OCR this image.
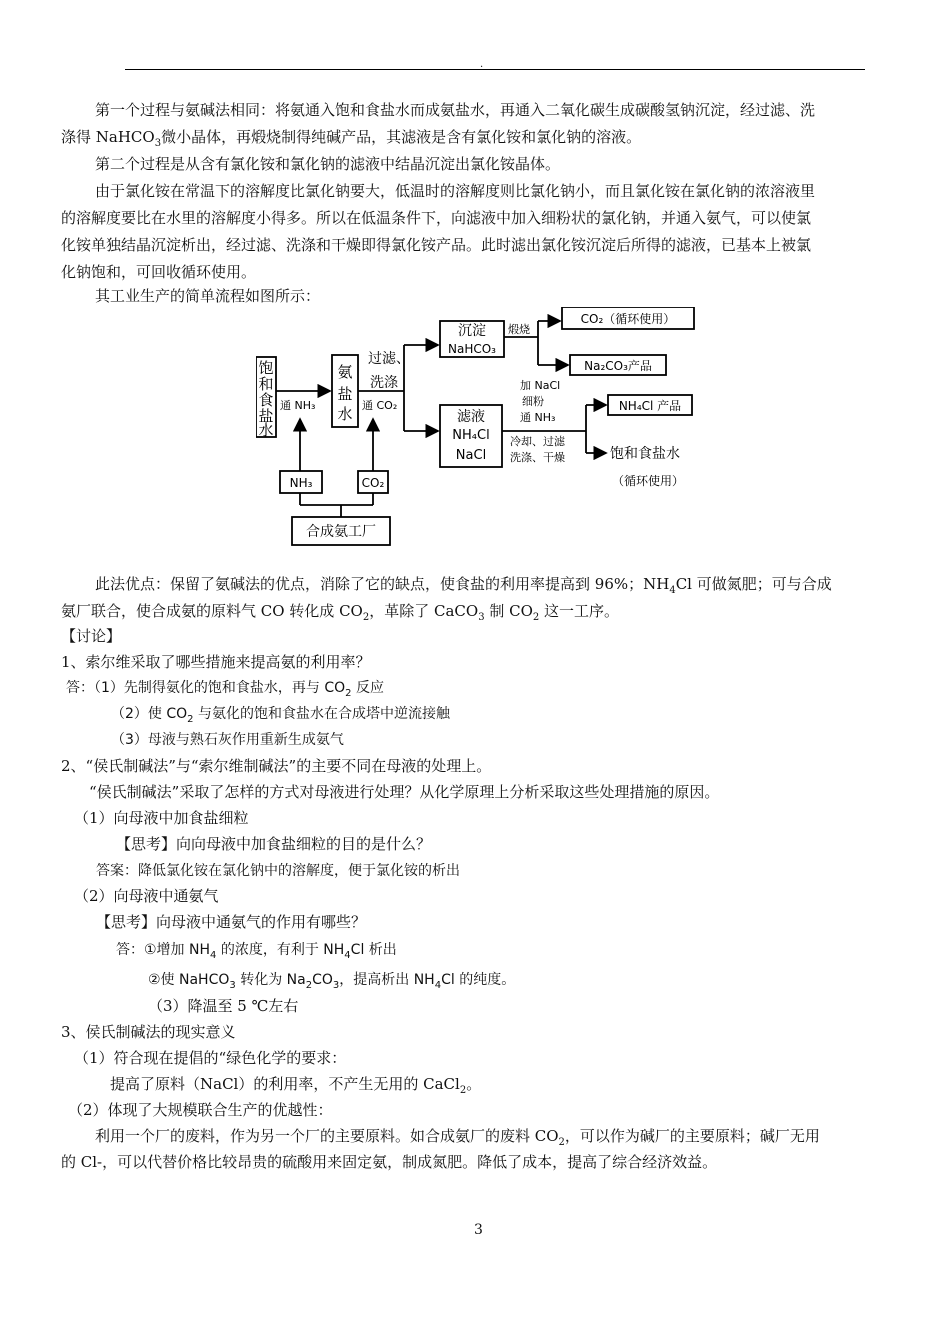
.
第一个过程与氨碱法相同：将氨通入饱和食盐水而成氨盐水，再通入二氧化碳生成碳酸氢钠沉淀，经过滤、洗
涤得 NaHCO$_3$微小晶体，再煅烧制得纯碱产品，其滤液是含有氯化铵和氯化钠的溶液。
第二个过程是从含有氯化铵和氯化钠的滤液中结晶沉淀出氯化铵晶体。
由于氯化铵在常温下的溶解度比氯化钠要大，低温时的溶解度则比氯化钠小，而且氯化铵在氯化钠的浓溶液里
的溶解度要比在水里的溶解度小得多。所以在低温条件下，向滤液中加入细粉状的氯化钠，并通入氨气，可以使氯
化铵单独结晶沉淀析出，经过滤、洗涤和干燥即得氯化铵产品。此时滤出氯化铵沉淀后所得的滤液，已基本上被氯
化钠饱和，可回收循环使用。
其工业生产的简单流程如图所示：
饱
和
食
盐
水
氨
盐
水
通 NH₃
过滤、
洗涤
通 CO₂
沉淀
NaHCO₃
煅烧
CO₂（循环使用）
Na₂CO₃产品
滤液
NH₄Cl
NaCl
加 NaCl
细粉
通 NH₃
冷却、过滤
洗涤、干燥
NH₄Cl 产品
饱和食盐水
（循环使用）
NH₃	CO₂
合成氨工厂
此法优点：保留了氨碱法的优点，消除了它的缺点，使食盐的利用率提高到 96%；$NH_4Cl$ 可做氮肥；可与合成
氨厂联合，使合成氨的原料气 CO 转化成 $CO_2$，革除了 CaCO$_3$ 制 $CO_2$ 这一工序。
【讨论】
1、索尔维采取了哪些措施来提高氨的利用率？
答：（1）先制得氨化的饱和食盐水，再与 $CO_2$ 反应
（2）使 $CO_2$ 与氨化的饱和食盐水在合成塔中逆流接触
（3）母液与熟石灰作用重新生成氨气
2、“侯氏制碱法”与“索尔维制碱法”的主要不同在母液的处理上。
“侯氏制碱法”采取了怎样的方式对母液进行处理？从化学原理上分析采取这些处理措施的原因。
（1）向母液中加食盐细粒
【思考】向向母液中加食盐细粒的目的是什么？
答案：降低氯化铵在氯化钠中的溶解度，便于氯化铵的析出
（2）向母液中通氨气
【思考】向母液中通氨气的作用有哪些？
答：①增加 $NH_4$ 的浓度，有利于 $NH_4Cl$ 析出
②使 NaHCO$_3$ 转化为 $Na_2CO_3$，提高析出 $NH_4Cl$ 的纯度。
（3）降温至 5 ℃左右
3、侯氏制碱法的现实意义
（1）符合现在提倡的“绿色化学的要求：
提高了原料（NaCl）的利用率，不产生无用的 CaCl$_2$。
（2）体现了大规模联合生产的优越性：
利用一个厂的废料，作为另一个厂的主要原料。如合成氨厂的废料 $CO_2$，可以作为碱厂的主要原料；碱厂无用
的 Cl-，可以代替价格比较昂贵的硫酸用来固定氨，制成氮肥。降低了成本，提高了综合经济效益。
3
